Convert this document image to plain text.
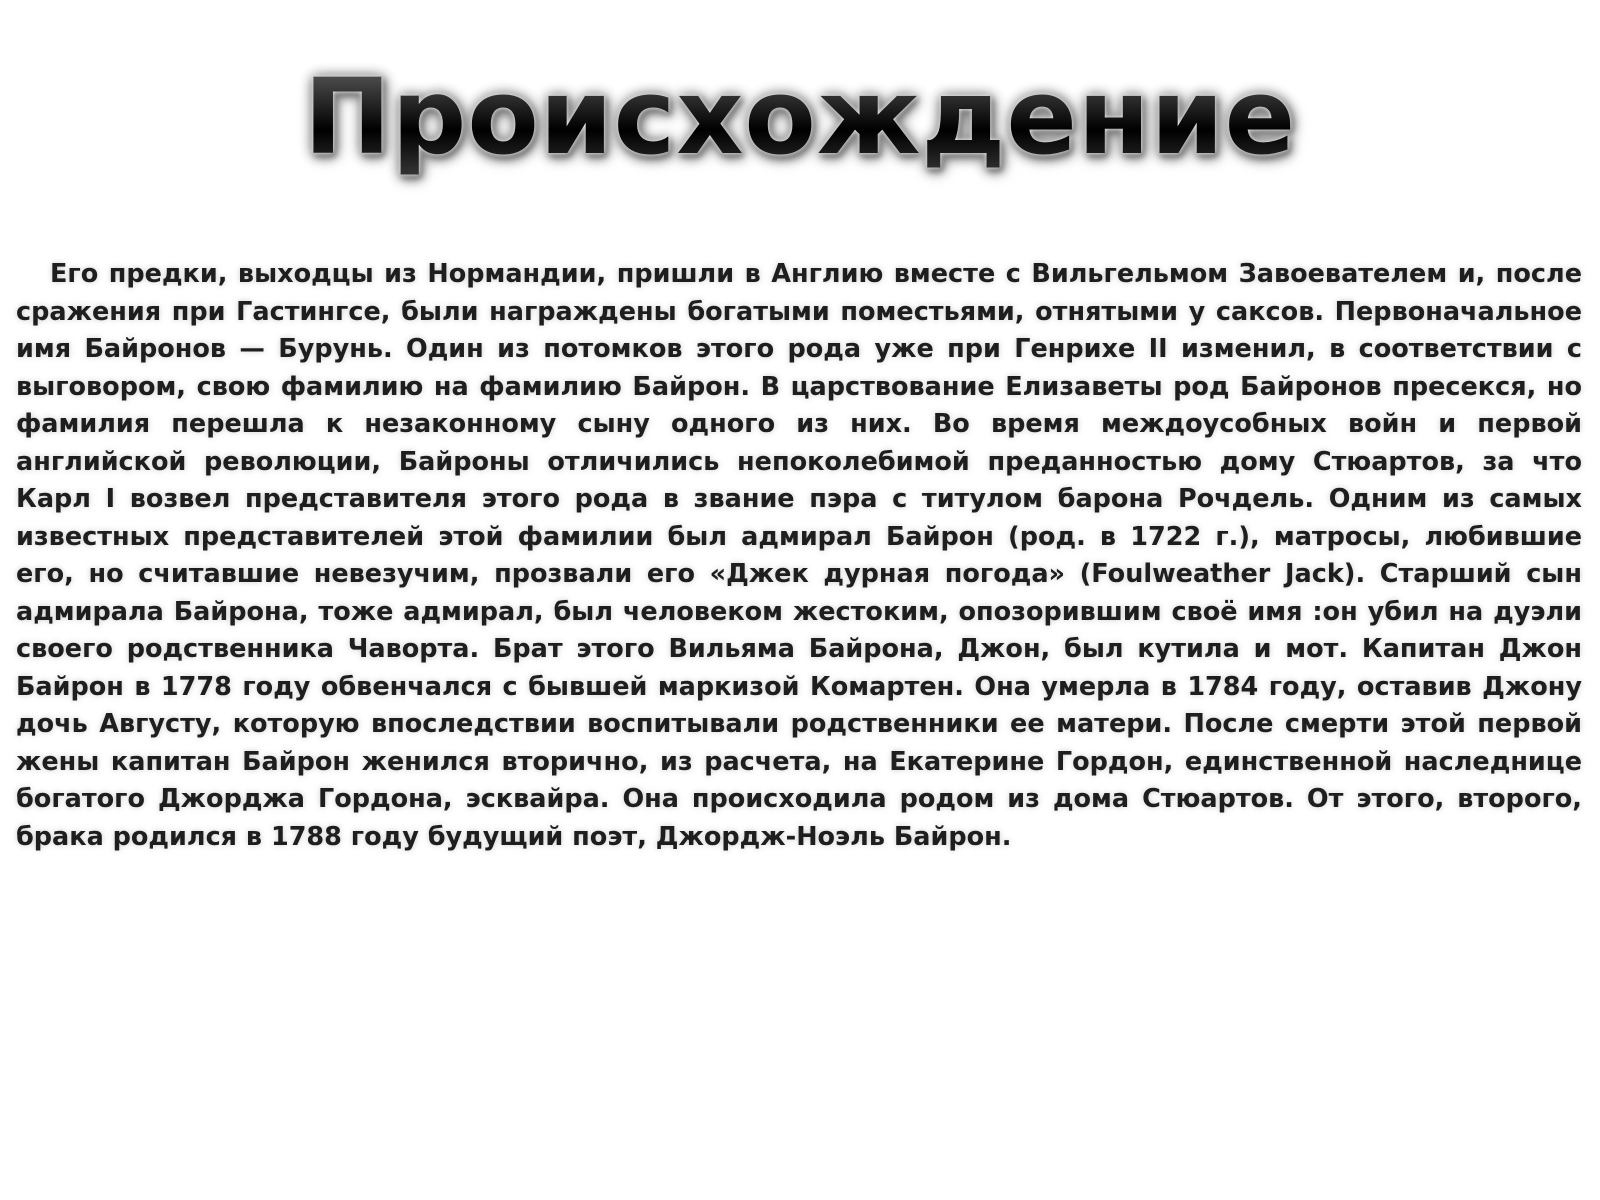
Происхождение

Его предки, выходцы из Нормандии, пришли в Англию вместе с Вильгельмом Завоевателем и, после сражения при Гастингсе, были награждены богатыми поместьями, отнятыми у саксов. Первоначальное имя Байронов — Бурунь. Один из потомков этого рода уже при Генрихе II изменил, в соответствии с выговором, свою фамилию на фамилию Байрон. В царствование Елизаветы род Байронов пресекся, но фамилия перешла к незаконному сыну одного из них. Во время междоусобных войн и первой английской революции, Байроны отличились непоколебимой преданностью дому Стюартов, за что Карл I возвел представителя этого рода в звание пэра с титулом барона Рочдель. Одним из самых известных представителей этой фамилии был адмирал Байрон (род. в 1722 г.), матросы, любившие его, но считавшие невезучим, прозвали его «Джек дурная погода» (Foulweather Jack). Старший сын адмирала Байрона, тоже адмирал, был человеком жестоким, опозорившим своё имя :он убил на дуэли своего родственника Чаворта. Брат этого Вильяма Байрона, Джон, был кутила и мот. Капитан Джон Байрон в 1778 году обвенчался с бывшей маркизой Комартен. Она умерла в 1784 году, оставив Джону дочь Августу, которую впоследствии воспитывали родственники ее матери. После смерти этой первой жены капитан Байрон женился вторично, из расчета, на Екатерине Гордон, единственной наследнице богатого Джорджа Гордона, эсквайра. Она происходила родом из дома Стюартов. От этого, второго, брака родился в 1788 году будущий поэт, Джордж-Ноэль Байрон.
